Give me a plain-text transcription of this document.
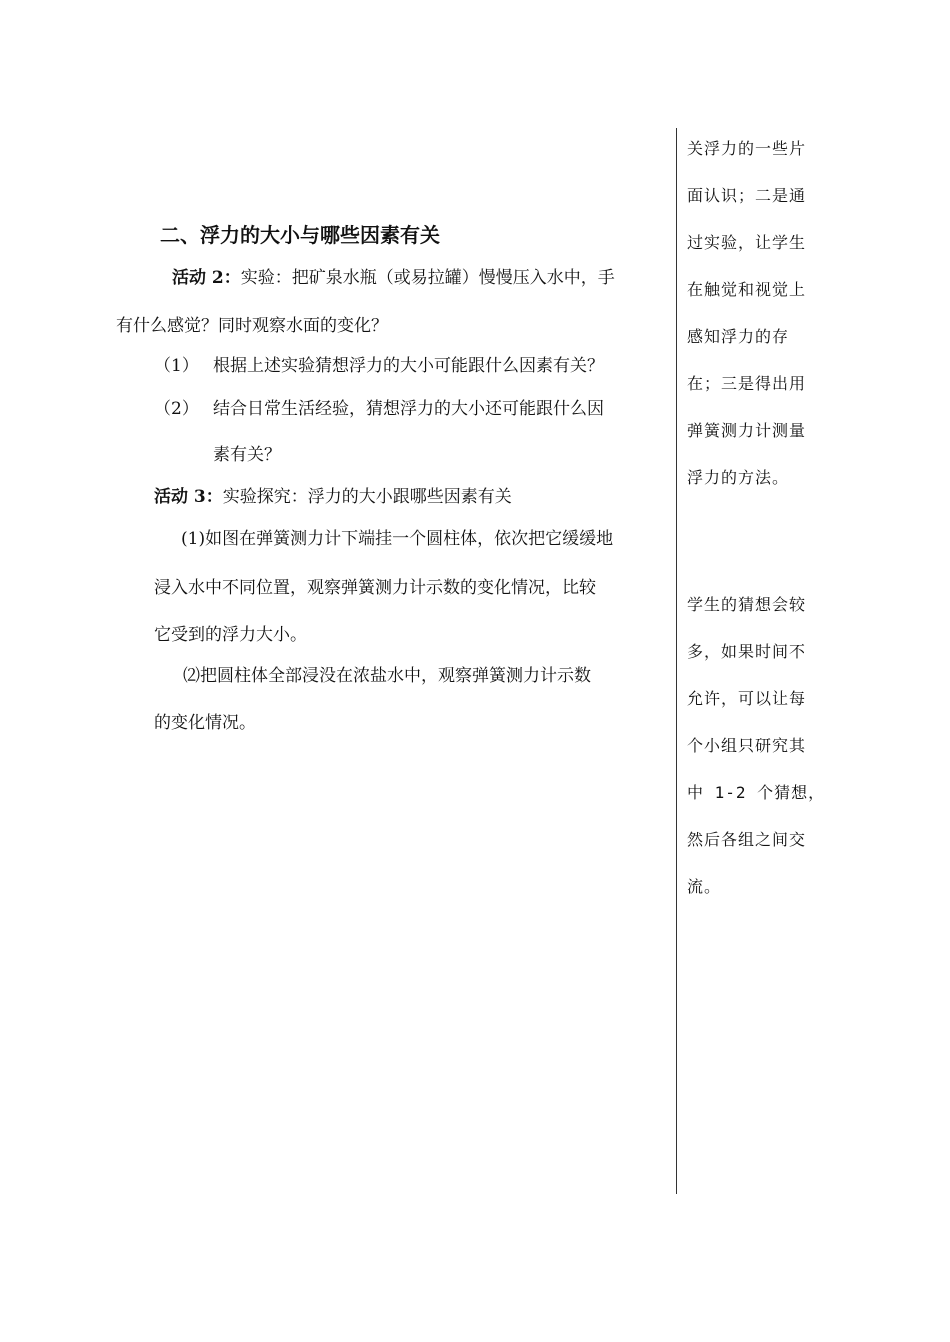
二、浮力的大小与哪些因素有关
活动 2：实验：把矿泉水瓶（或易拉罐）慢慢压入水中，手
有什么感觉？同时观察水面的变化？
（1） 根据上述实验猜想浮力的大小可能跟什么因素有关？
（2） 结合日常生活经验，猜想浮力的大小还可能跟什么因
素有关？
活动 3：实验探究：浮力的大小跟哪些因素有关
(1)如图在弹簧测力计下端挂一个圆柱体，依次把它缓缓地
浸入水中不同位置，观察弹簧测力计示数的变化情况，比较
它受到的浮力大小。
⑵把圆柱体全部浸没在浓盐水中，观察弹簧测力计示数
的变化情况。
关浮力的一些片
面认识；二是通
过实验，让学生
在触觉和视觉上
感知浮力的存
在；三是得出用
弹簧测力计测量
浮力的方法。
学生的猜想会较
多，如果时间不
允许，可以让每
个小组只研究其
中 1-2 个猜想，
然后各组之间交
流。
